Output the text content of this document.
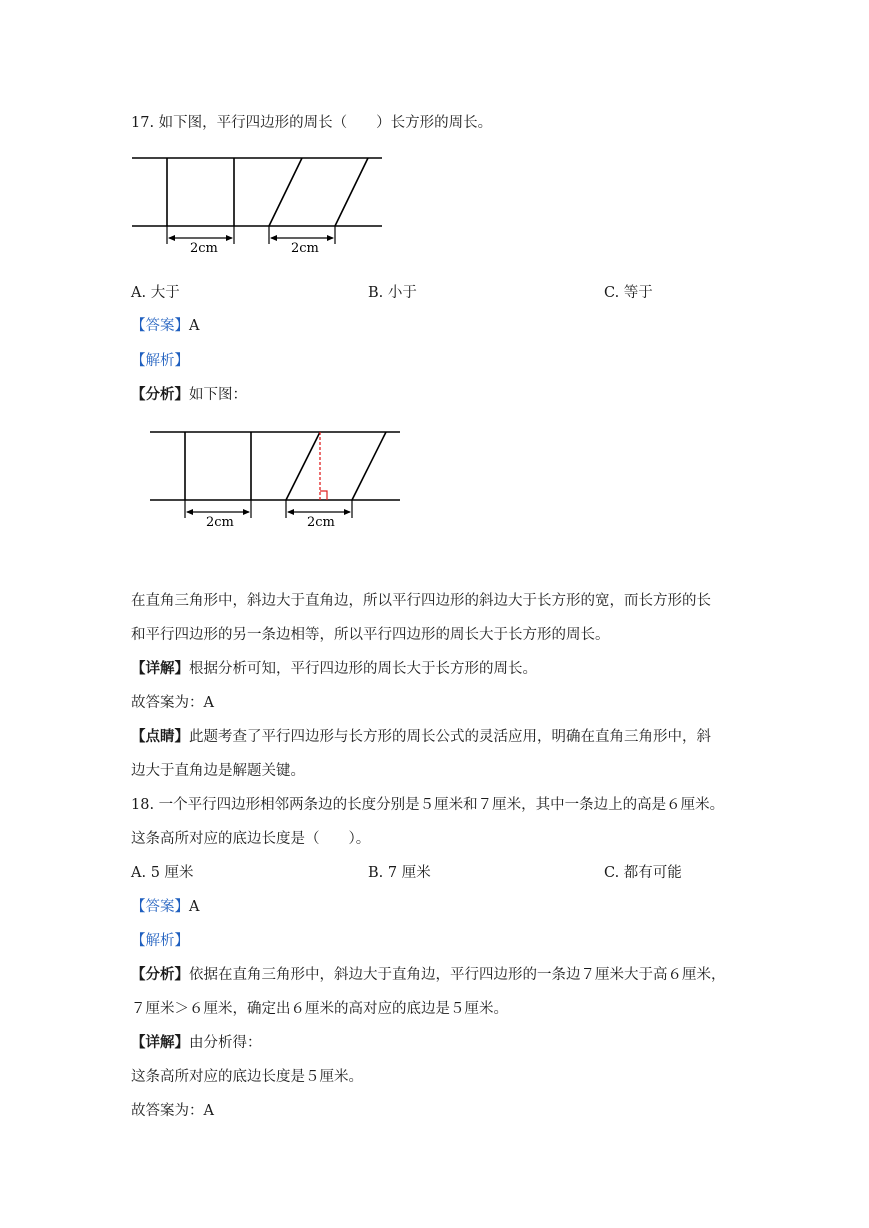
17. 如下图，平行四边形的周长（　　）长方形的周长。
2cm	2cm
A. 大于	B. 小于	C. 等于
【答案】A
【解析】
【分析】如下图：
2cm	2cm
在直角三角形中，斜边大于直角边，所以平行四边形的斜边大于长方形的宽，而长方形的长
和平行四边形的另一条边相等，所以平行四边形的周长大于长方形的周长。
【详解】根据分析可知，平行四边形的周长大于长方形的周长。
故答案为：A
【点睛】此题考查了平行四边形与长方形的周长公式的灵活应用，明确在直角三角形中，斜
边大于直角边是解题关键。
18. 一个平行四边形相邻两条边的长度分别是５厘米和７厘米，其中一条边上的高是６厘米。
这条高所对应的底边长度是（　　）。
A. 5 厘米	B. 7 厘米	C. 都有可能
【答案】A
【解析】
【分析】依据在直角三角形中，斜边大于直角边，平行四边形的一条边７厘米大于高６厘米，
７厘米＞６厘米，确定出６厘米的高对应的底边是５厘米。
【详解】由分析得：
这条高所对应的底边长度是５厘米。
故答案为：A
